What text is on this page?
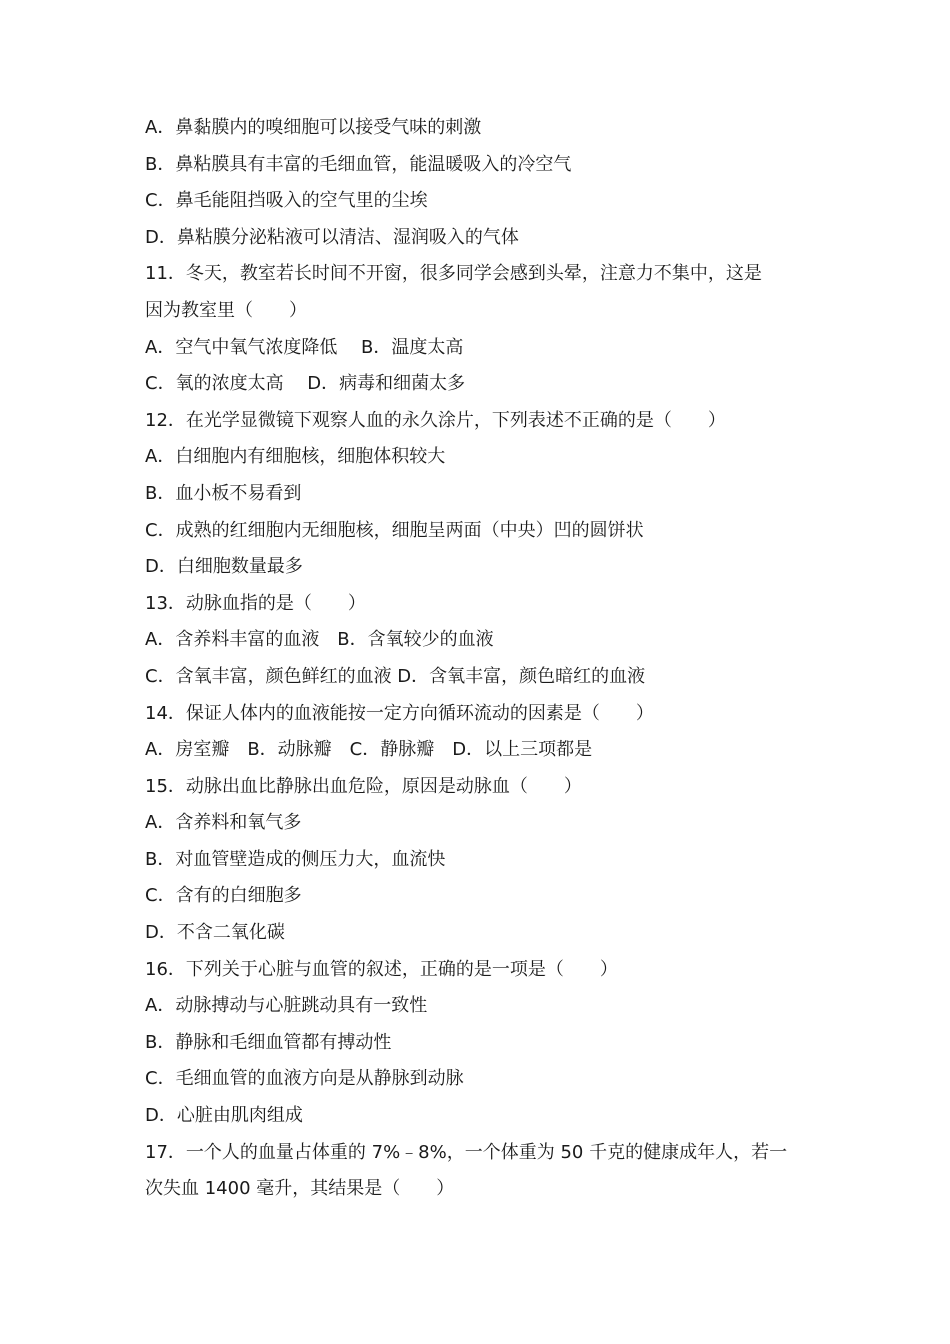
A．鼻黏膜内的嗅细胞可以接受气味的刺激
B．鼻粘膜具有丰富的毛细血管，能温暖吸入的冷空气
C．鼻毛能阻挡吸入的空气里的尘埃
D．鼻粘膜分泌粘液可以清洁、湿润吸入的气体
11．冬天，教室若长时间不开窗，很多同学会感到头晕，注意力不集中，这是
因为教室里（　　）
A．空气中氧气浓度降低　 B．温度太高
C．氧的浓度太高　 D．病毒和细菌太多
12．在光学显微镜下观察人血的永久涂片，下列表述不正确的是（　　）
A．白细胞内有细胞核，细胞体积较大
B．血小板不易看到
C．成熟的红细胞内无细胞核，细胞呈两面（中央）凹的圆饼状
D．白细胞数量最多
13．动脉血指的是（　　）
A．含养料丰富的血液　B．含氧较少的血液
C．含氧丰富，颜色鲜红的血液 D．含氧丰富，颜色暗红的血液
14．保证人体内的血液能按一定方向循环流动的因素是（　　）
A．房室瓣　B．动脉瓣　C．静脉瓣　D．以上三项都是
15．动脉出血比静脉出血危险，原因是动脉血（　　）
A．含养料和氧气多
B．对血管壁造成的侧压力大，血流快
C．含有的白细胞多
D．不含二氧化碳
16．下列关于心脏与血管的叙述，正确的是一项是（　　）
A．动脉搏动与心脏跳动具有一致性
B．静脉和毛细血管都有搏动性
C．毛细血管的血液方向是从静脉到动脉
D．心脏由肌肉组成
17．一个人的血量占体重的 7%﹣8%，一个体重为 50 千克的健康成年人，若一
次失血 1400 毫升，其结果是（　　）
